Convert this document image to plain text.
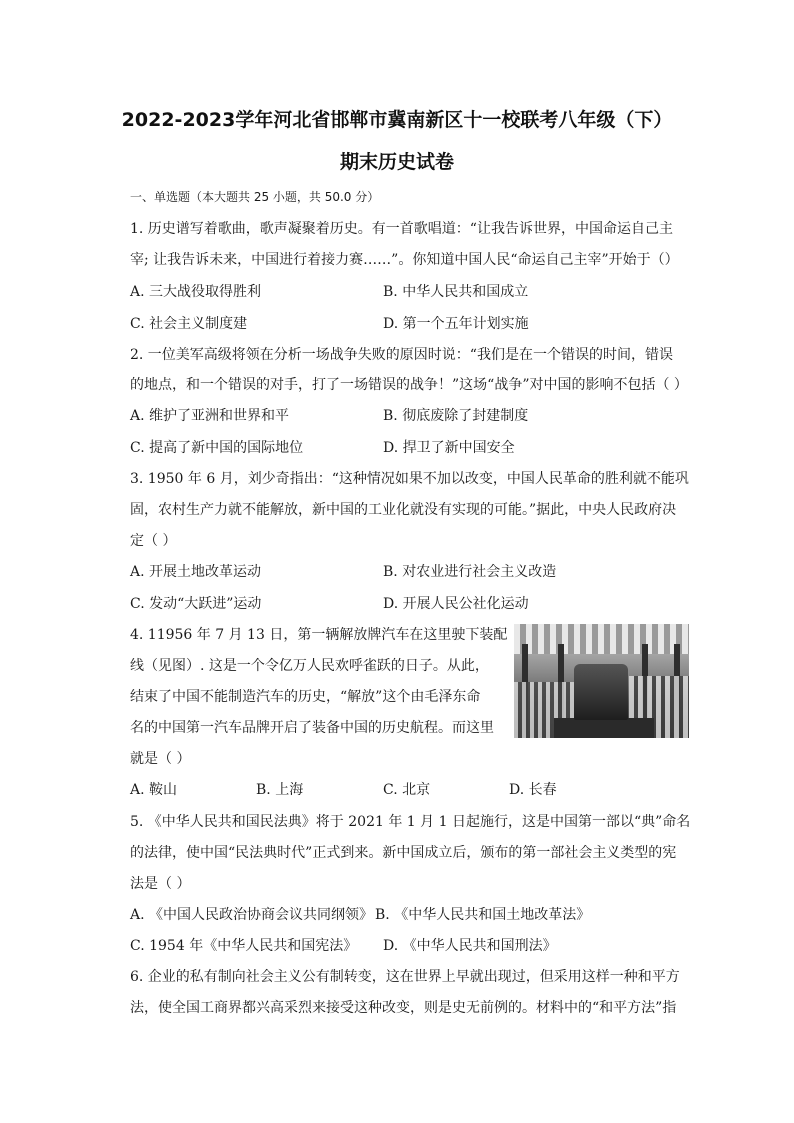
2022-2023学年河北省邯郸市冀南新区十一校联考八年级（下）
期末历史试卷
一、单选题（本大题共 25 小题，共 50.0 分）
1. 历史谱写着歌曲，歌声凝聚着历史。有一首歌唱道：“让我告诉世界，中国命运自己主
宰; 让我告诉未来，中国进行着接力赛……”。你知道中国人民“命运自己主宰”开始于（）
A. 三大战役取得胜利	B. 中华人民共和国成立
C. 社会主义制度建	D. 第一个五年计划实施
2. 一位美军高级将领在分析一场战争失败的原因时说：“我们是在一个错误的时间，错误
的地点，和一个错误的对手，打了一场错误的战争！”这场“战争”对中国的影响不包括（ ）
A. 维护了亚洲和世界和平	B. 彻底废除了封建制度
C. 提高了新中国的国际地位	D. 捍卫了新中国安全
3. 1950 年 6 月，刘少奇指出：“这种情况如果不加以改变，中国人民革命的胜利就不能巩
固，农村生产力就不能解放，新中国的工业化就没有实现的可能。”据此，中央人民政府决
定（ ）
A. 开展土地改革运动	B. 对农业进行社会主义改造
C. 发动“大跃进”运动	D. 开展人民公社化运动
4. 11956 年 7 月 13 日，第一辆解放牌汽车在这里驶下装配
线（见图）. 这是一个令亿万人民欢呼雀跃的日子。从此，
结束了中国不能制造汽车的历史，“解放”这个由毛泽东命
名的中国第一汽车品牌开启了装备中国的历史航程。而这里
就是（ ）
A. 鞍山	B. 上海	C. 北京	D. 长春
5. 《中华人民共和国民法典》将于 2021 年 1 月 1 日起施行，这是中国第一部以“典”命名
的法律，使中国“民法典时代”正式到来。新中国成立后，颁布的第一部社会主义类型的宪
法是（ ）
A. 《中国人民政治协商会议共同纲领》 B. 《中华人民共和国土地改革法》
C. 1954 年《中华人民共和国宪法》 D. 《中华人民共和国刑法》
6. 企业的私有制向社会主义公有制转变，这在世界上早就出现过，但采用这样一种和平方
法，使全国工商界都兴高采烈来接受这种改变，则是史无前例的。材料中的“和平方法”指
